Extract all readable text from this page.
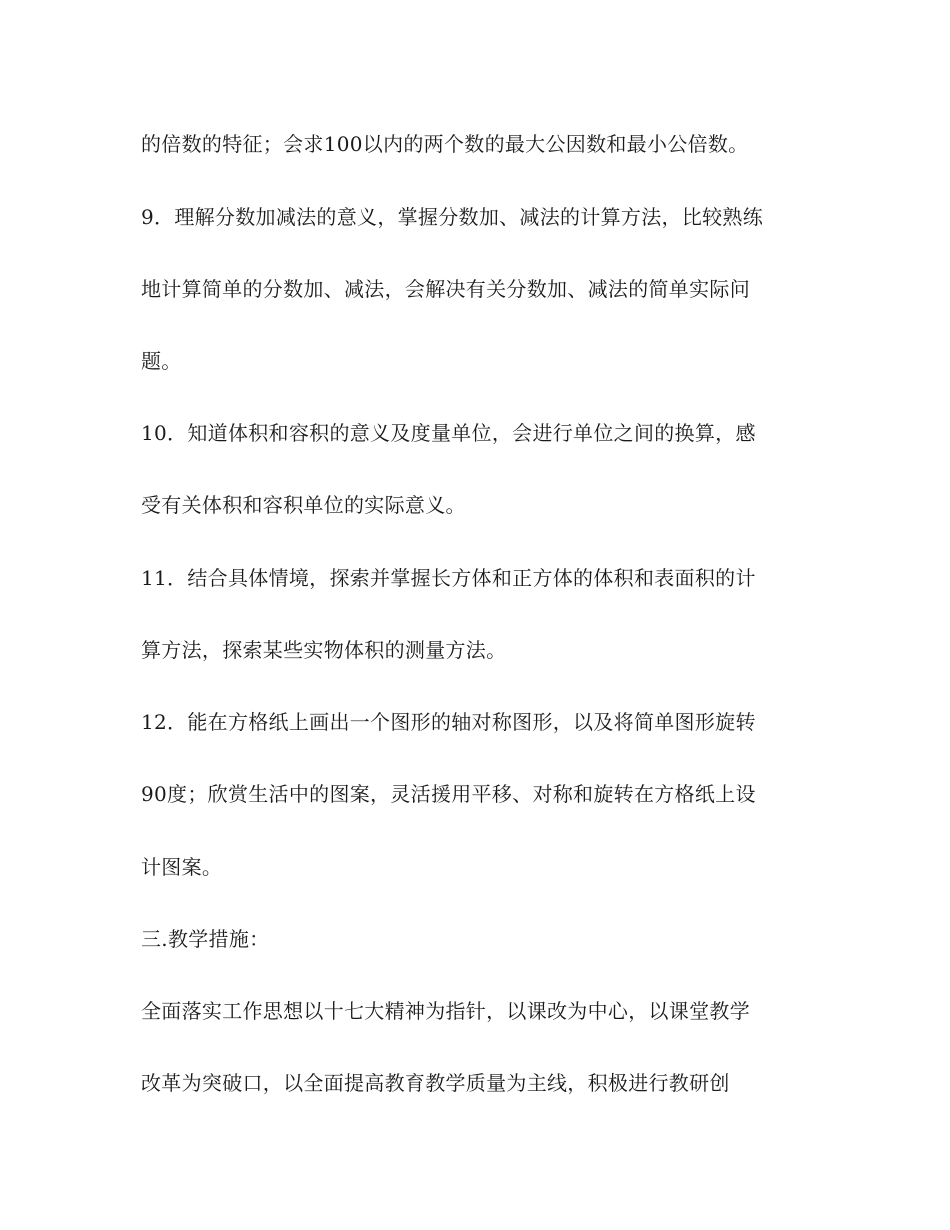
的倍数的特征；会求100以内的两个数的最大公因数和最小公倍数。
9．理解分数加减法的意义，掌握分数加、减法的计算方法，比较熟练
地计算简单的分数加、减法，会解决有关分数加、减法的简单实际问
题。
10．知道体积和容积的意义及度量单位，会进行单位之间的换算，感
受有关体积和容积单位的实际意义。
11．结合具体情境，探索并掌握长方体和正方体的体积和表面积的计
算方法，探索某些实物体积的测量方法。
12．能在方格纸上画出一个图形的轴对称图形，以及将简单图形旋转
90度；欣赏生活中的图案，灵活援用平移、对称和旋转在方格纸上设
计图案。
三.教学措施：
全面落实工作思想以十七大精神为指针，以课改为中心，以课堂教学
改革为突破口，以全面提高教育教学质量为主线，积极进行教研创
